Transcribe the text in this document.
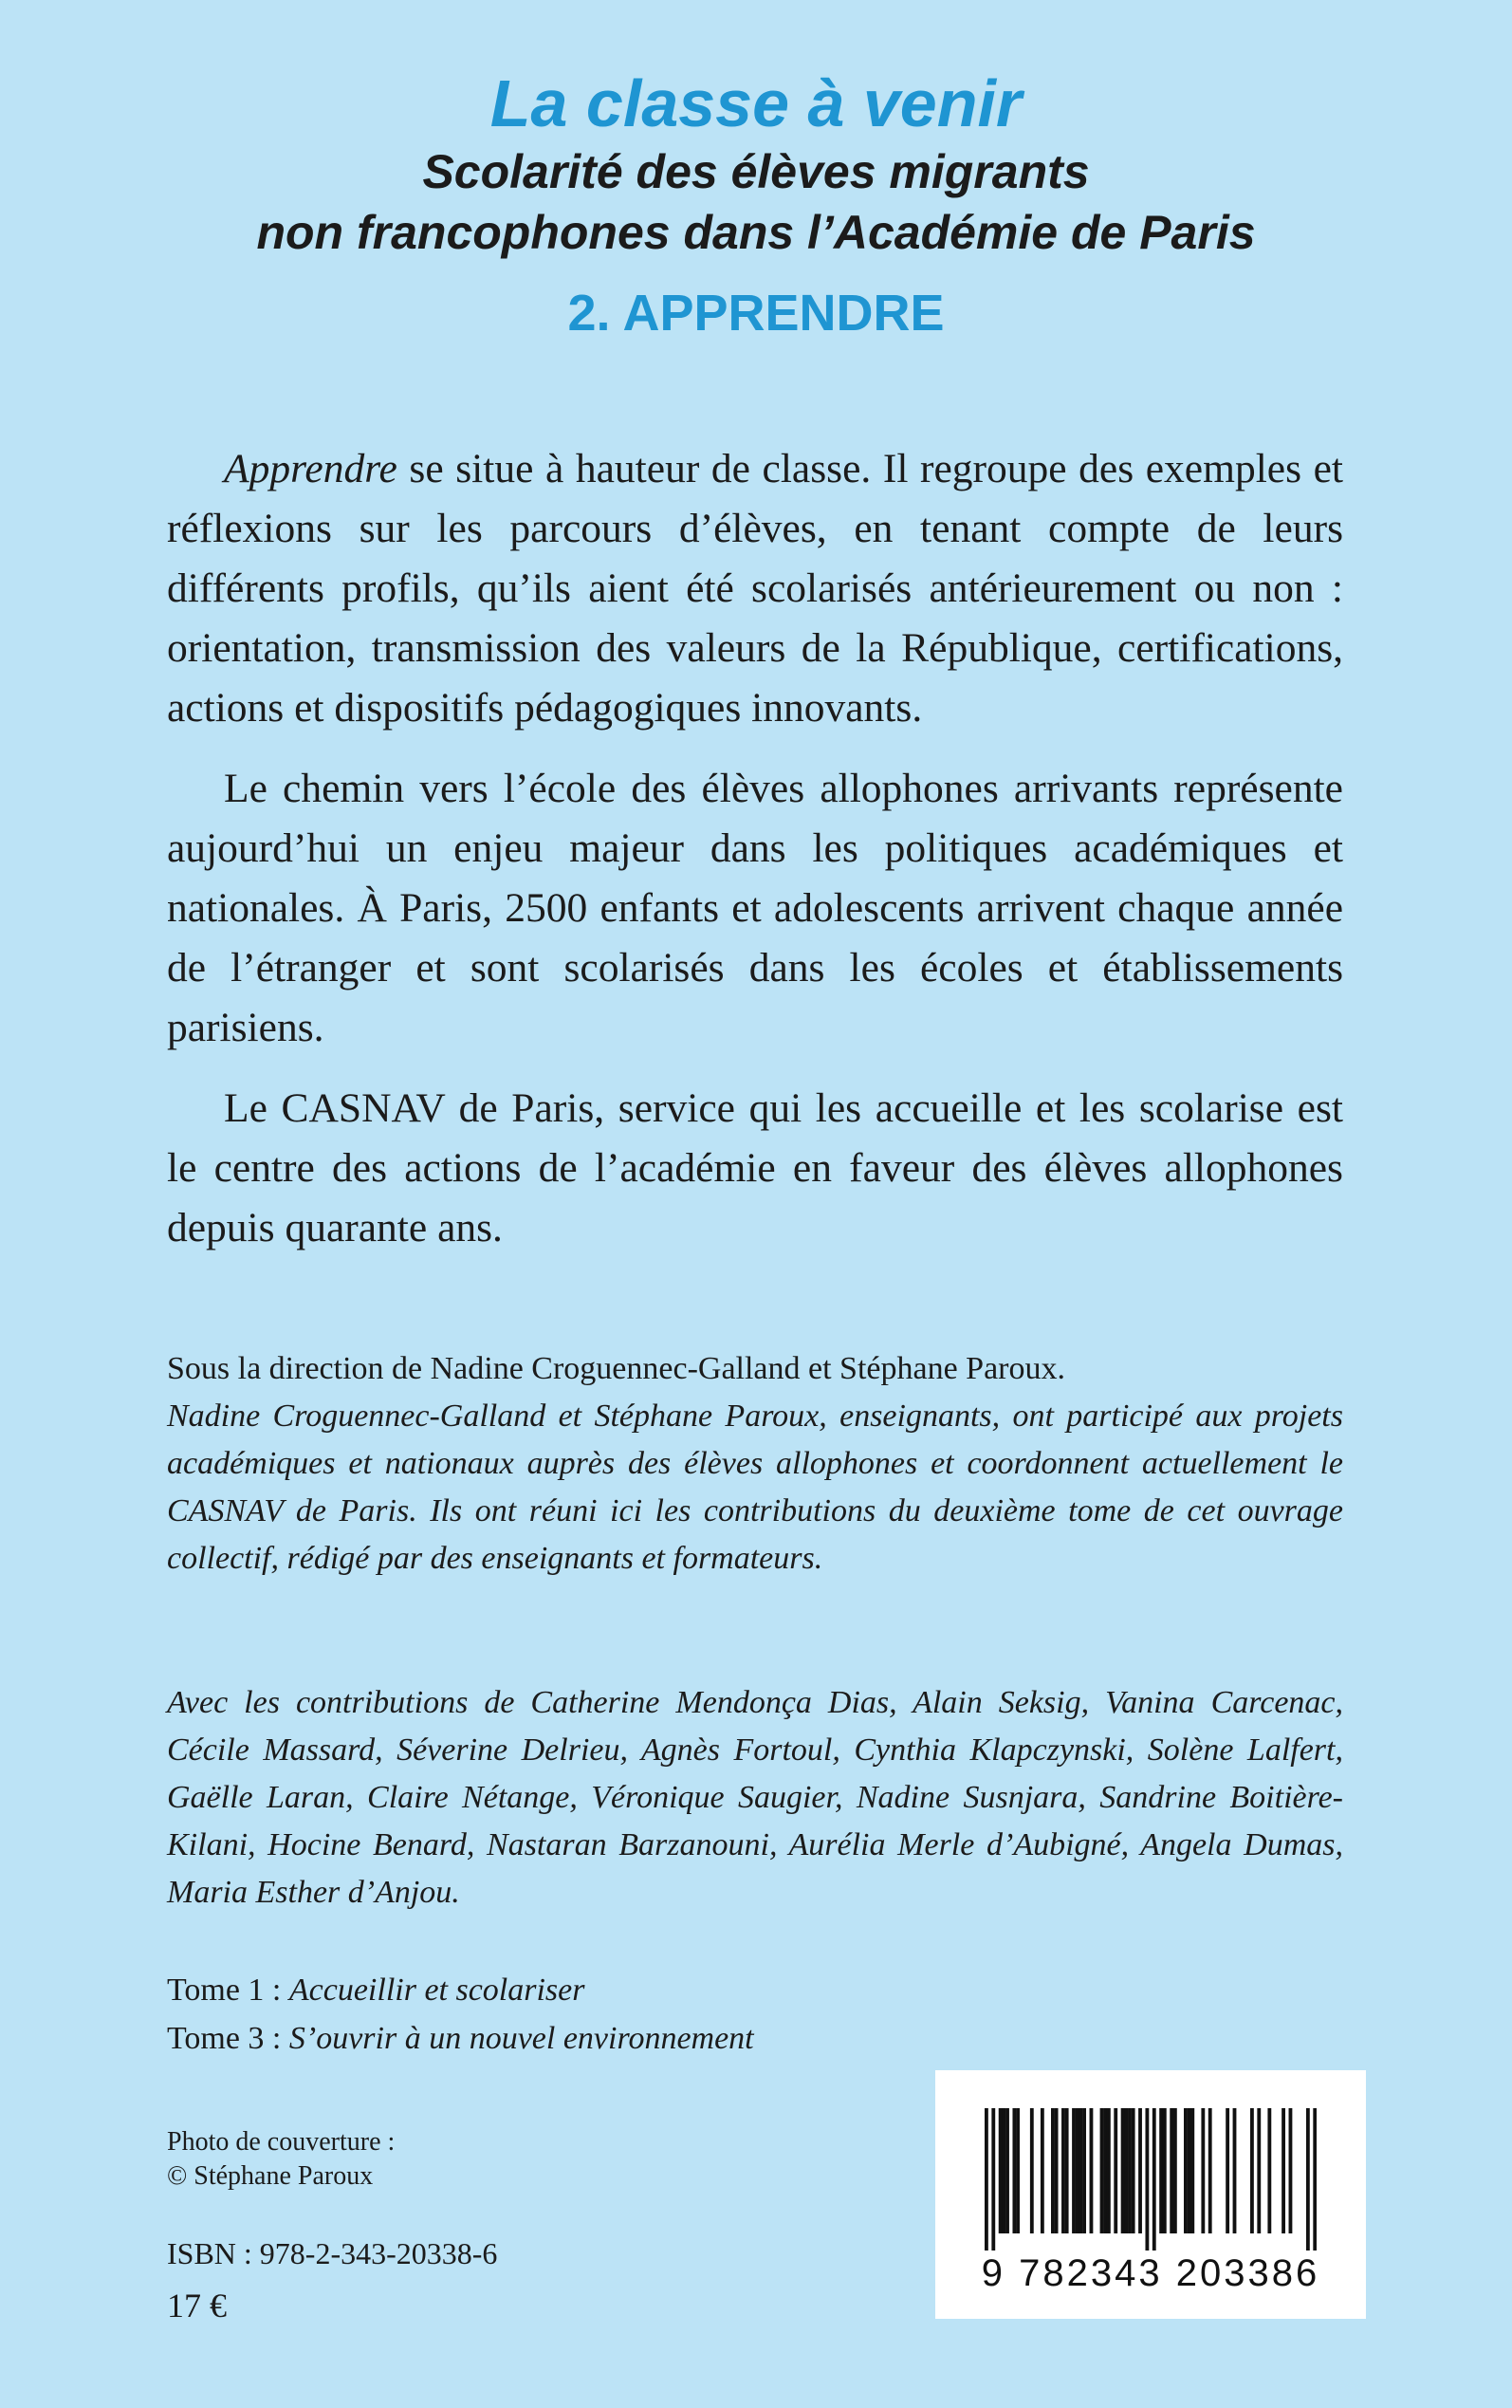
La classe à venir
Scolarité des élèves migrants
non francophones dans l’Académie de Paris
2. APPRENDRE

Apprendre se situe à hauteur de classe. Il regroupe des exemples et réflexions sur les parcours d’élèves, en tenant compte de leurs différents profils, qu’ils aient été scolarisés antérieurement ou non : orientation, transmission des valeurs de la République, certifications, actions et dispositifs pédagogiques innovants.

Le chemin vers l’école des élèves allophones arrivants représente aujourd’hui un enjeu majeur dans les politiques académiques et nationales. À Paris, 2500 enfants et adolescents arrivent chaque année de l’étranger et sont scolarisés dans les écoles et établissements parisiens.

Le CASNAV de Paris, service qui les accueille et les scolarise est le centre des actions de l’académie en faveur des élèves allophones depuis quarante ans.

Sous la direction de Nadine Croguennec-Galland et Stéphane Paroux.

Nadine Croguennec-Galland et Stéphane Paroux, enseignants, ont participé aux projets académiques et nationaux auprès des élèves allophones et coordonnent actuellement le CASNAV de Paris. Ils ont réuni ici les contributions du deuxième tome de cet ouvrage collectif, rédigé par des enseignants et formateurs.

Avec les contributions de Catherine Mendonça Dias, Alain Seksig, Vanina Carcenac, Cécile Massard, Séverine Delrieu, Agnès Fortoul, Cynthia Klapczynski, Solène Lalfert, Gaëlle Laran, Claire Nétange, Véronique Saugier, Nadine Susnjara, Sandrine Boitière-Kilani, Hocine Benard, Nastaran Barzanouni, Aurélia Merle d’Aubigné, Angela Dumas, Maria Esther d’Anjou.

Tome 1 : Accueillir et scolariser

Tome 3 : S’ouvrir à un nouvel environnement

Photo de couverture :
© Stéphane Paroux
ISBN : 978-2-343-20338-6
17 €
9 782343 203386
